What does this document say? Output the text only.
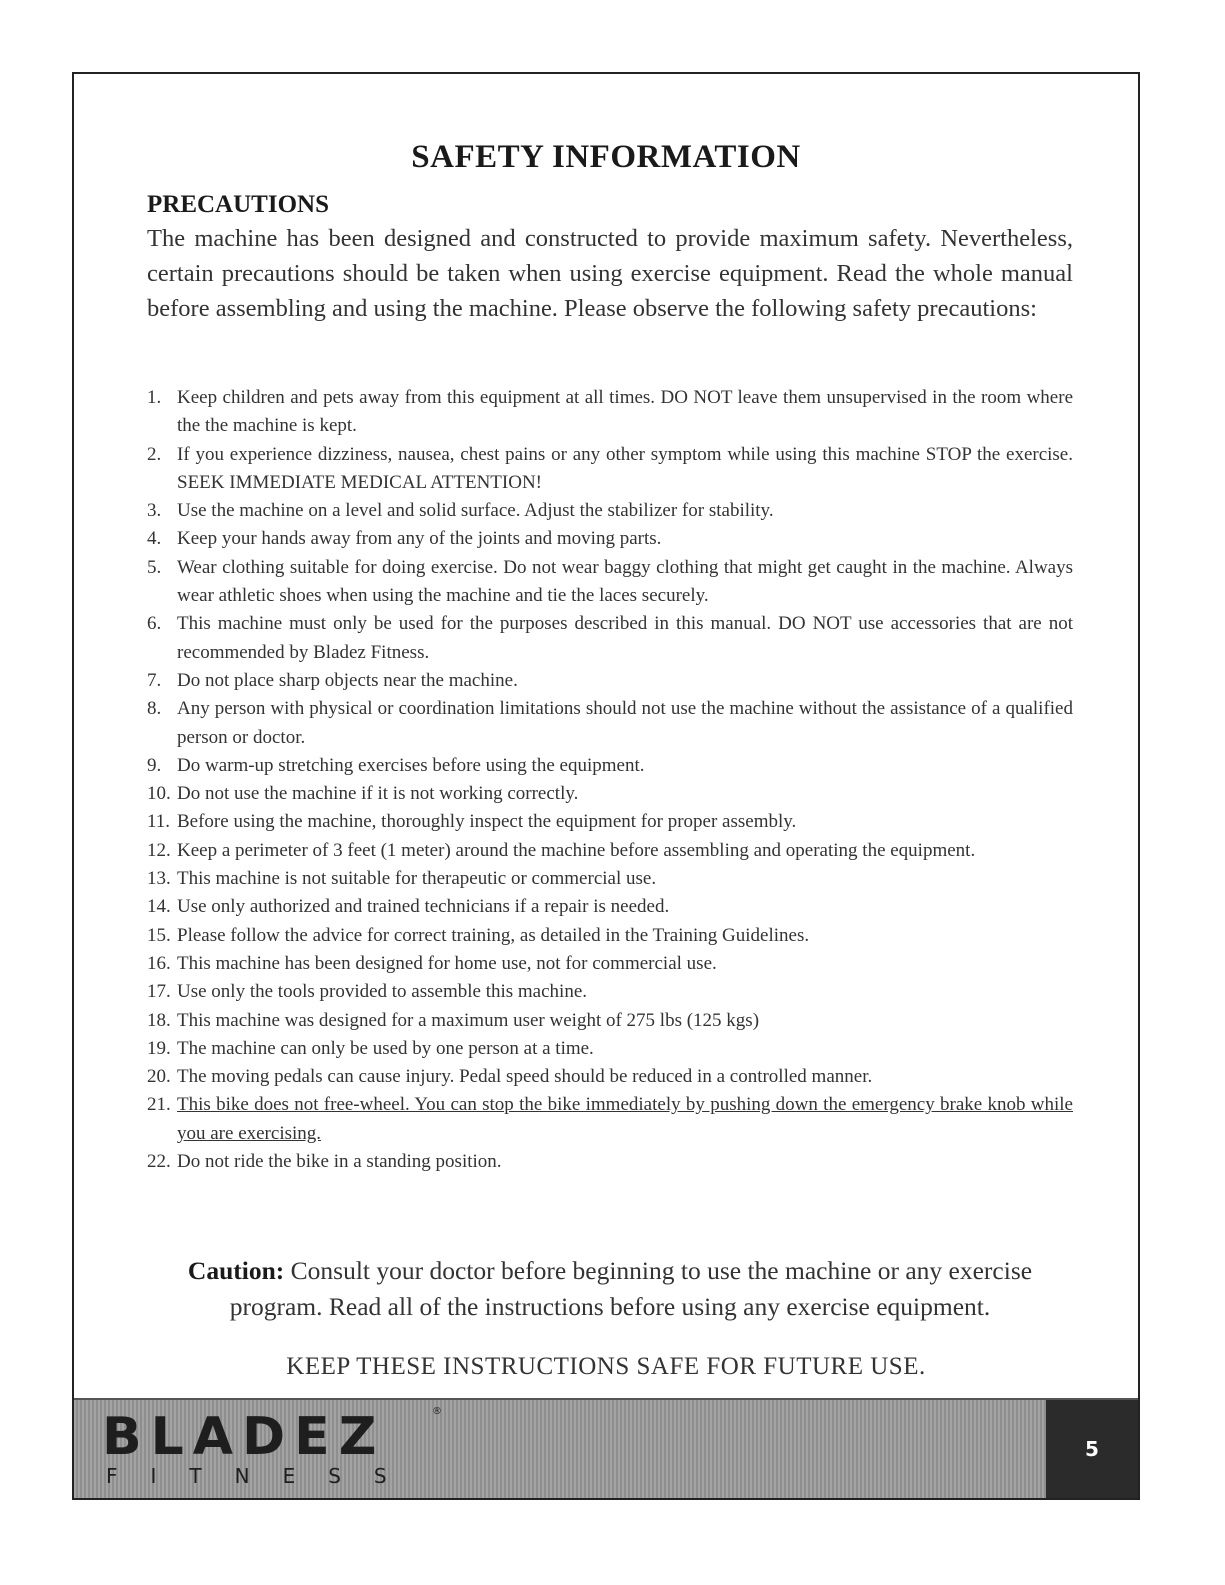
SAFETY INFORMATION
PRECAUTIONS

The machine has been designed and constructed to provide maximum safety. Nevertheless, certain precautions should be taken when using exercise equipment. Read the whole manual before assembling and using the machine. Please observe the following safety precautions:

1. Keep children and pets away from this equipment at all times. DO NOT leave them unsupervised in the room where the the machine is kept.
2. If you experience dizziness, nausea, chest pains or any other symptom while using this machine STOP the exercise. SEEK IMMEDIATE MEDICAL ATTENTION!
3. Use the machine on a level and solid surface. Adjust the stabilizer for stability.
4. Keep your hands away from any of the joints and moving parts.
5. Wear clothing suitable for doing exercise. Do not wear baggy clothing that might get caught in the machine. Always wear athletic shoes when using the machine and tie the laces securely.
6. This machine must only be used for the purposes described in this manual. DO NOT use accessories that are not recommended by Bladez Fitness.
7. Do not place sharp objects near the machine.
8. Any person with physical or coordination limitations should not use the machine without the assistance of a qualified person or doctor.
9. Do warm-up stretching exercises before using the equipment.
10. Do not use the machine if it is not working correctly.
11. Before using the machine, thoroughly inspect the equipment for proper assembly.
12. Keep a perimeter of 3 feet (1 meter) around the machine before assembling and operating the equipment.
13. This machine is not suitable for therapeutic or commercial use.
14. Use only authorized and trained technicians if a repair is needed.
15. Please follow the advice for correct training, as detailed in the Training Guidelines.
16. This machine has been designed for home use, not for commercial use.
17. Use only the tools provided to assemble this machine.
18. This machine was designed for a maximum user weight of 275 lbs (125 kgs)
19. The machine can only be used by one person at a time.
20. The moving pedals can cause injury. Pedal speed should be reduced in a controlled manner.
21. This bike does not free-wheel. You can stop the bike immediately by pushing down the emergency brake knob while you are exercising.
22. Do not ride the bike in a standing position.

Caution: Consult your doctor before beginning to use the machine or any exercise program. Read all of the instructions before using any exercise equipment.

KEEP THESE INSTRUCTIONS SAFE FOR FUTURE USE.

BLADEZ
FITNESS
®
5
